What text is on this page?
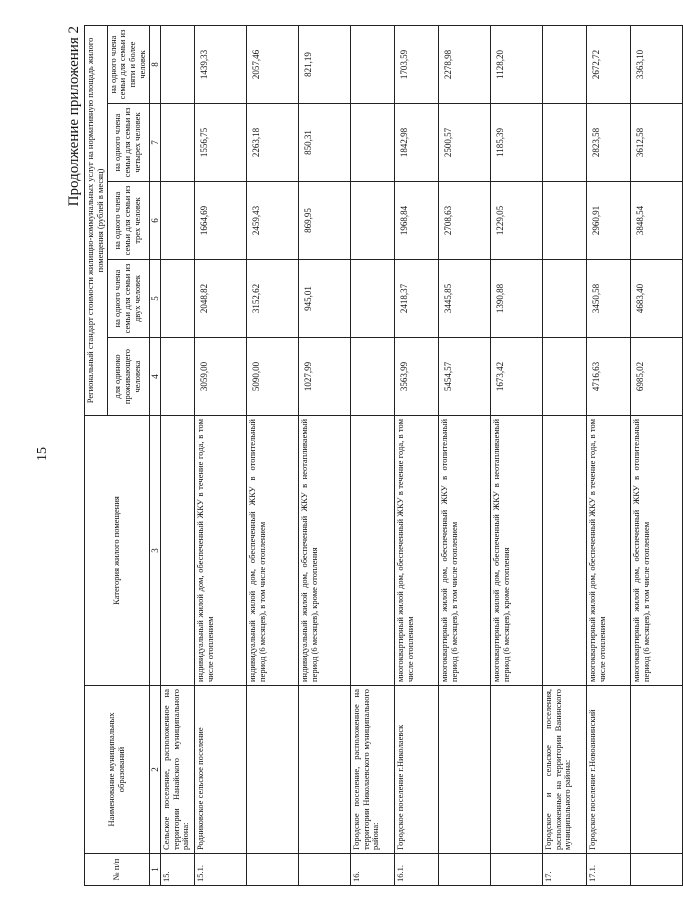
15
Продолжение приложения 2
№ п/п	Наименование муниципальных образований	Категория жилого помещения	Региональный стандарт стоимости жилищно-коммунальных услуг на нормативную площадь жилого помещения (рублей в месяц)				
			для одиноко проживающего человека	на одного члена семьи для семьи из двух человек	на одного члена семьи для семьи из трех человек	на одного члена семьи для семьи из четырех человек	на одного члена семьи для семьи из пяти и более человек
1	2	3	4	5	6	7	8
15.	Сельское поселение, расположенное на территории Нанайского муниципального района:						
15.1.	Родниковское сельское поселение	индивидуальный жилой дом, обеспеченный ЖКУ в течение года, в том числе отоплением	3059,00	2048,82	1664,69	1556,75	1439,33
		индивидуальный жилой дом, обеспеченный ЖКУ в отопительный период (6 месяцев), в том числе отоплением	5090,00	3152,62	2459,43	2263,18	2057,46
		индивидуальный жилой дом, обеспеченный ЖКУ в неотапливаемый период (6 месяцев), кроме отопления	1027,99	945,01	869,95	850,31	821,19
16.	Городское поселение, расположенное на территории Николаевского муниципального района:						
16.1.	Городское поселение г.Николаевск	многоквартирный жилой дом, обеспеченный ЖКУ в течение года, в том числе отоплением	3563,99	2418,37	1968,84	1842,98	1703,59
		многоквартирный жилой дом, обеспеченный ЖКУ в отопительный период (6 месяцев), в том числе отоплением	5454,57	3445,85	2708,63	2500,57	2278,98
		многоквартирный жилой дом, обеспеченный ЖКУ в неотапливаемый период (6 месяцев), кроме отопления	1673,42	1390,88	1229,05	1185,39	1128,20
17.	Городское и сельское поселения, расположенные на территории Ванинского муниципального района:						
17.1.	Городское поселение г.Новоаннинский	многоквартирный жилой дом, обеспеченный ЖКУ в течение года, в том числе отоплением	4716,63	3450,58	2960,91	2823,58	2672,72
		многоквартирный жилой дом, обеспеченный ЖКУ в отопительный период (6 месяцев), в том числе отоплением	6985,02	4683,40	3848,54	3612,58	3363,10
